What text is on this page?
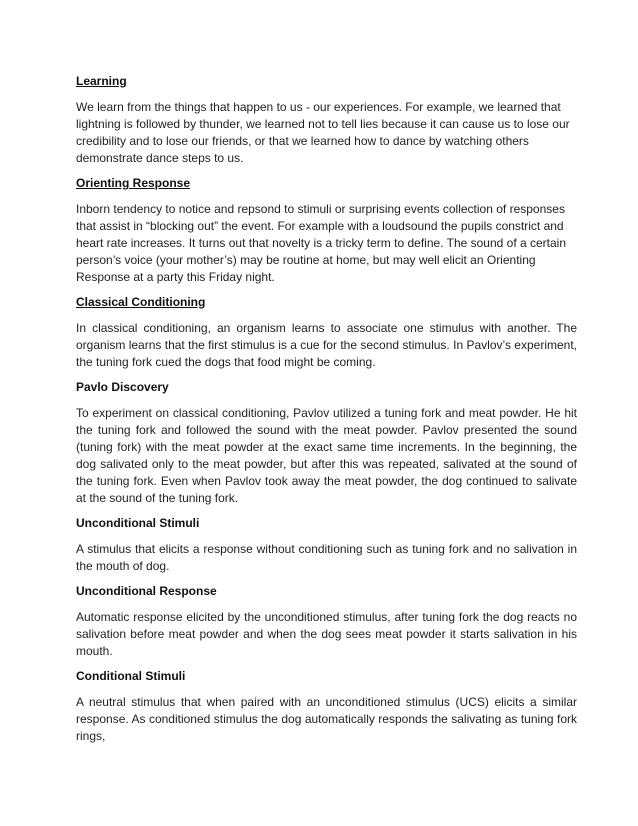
Learning

We learn from the things that happen to us - our experiences. For example, we learned that lightning is followed by thunder, we learned not to tell lies because it can cause us to lose our credibility and to lose our friends, or that we learned how to dance by watching others demonstrate dance steps to us.

Orienting Response

Inborn tendency to notice and repsond to stimuli or surprising events collection of responses that assist in “blocking out” the event. For example with a loudsound the pupils constrict and heart rate increases. It turns out that novelty is a tricky term to define. The sound of a certain person’s voice (your mother’s) may be routine at home, but may well elicit an Orienting Response at a party this Friday night.

Classical Conditioning

In classical conditioning, an organism learns to associate one stimulus with another. The organism learns that the first stimulus is a cue for the second stimulus. In Pavlov’s experiment, the tuning fork cued the dogs that food might be coming.

Pavlo Discovery

To experiment on classical conditioning, Pavlov utilized a tuning fork and meat powder. He hit the tuning fork and followed the sound with the meat powder. Pavlov presented the sound (tuning fork) with the meat powder at the exact same time increments. In the beginning, the dog salivated only to the meat powder, but after this was repeated, salivated at the sound of the tuning fork. Even when Pavlov took away the meat powder, the dog continued to salivate at the sound of the tuning fork.

Unconditional Stimuli

A stimulus that elicits a response without conditioning such as tuning fork and no salivation in the mouth of dog.

Unconditional Response

Automatic response elicited by the unconditioned stimulus, after tuning fork the dog reacts no salivation before meat powder and when the dog sees meat powder it starts salivation in his mouth.

Conditional Stimuli

A neutral stimulus that when paired with an unconditioned stimulus (UCS) elicits a similar response. As conditioned stimulus the dog automatically responds the salivating as tuning fork rings,
